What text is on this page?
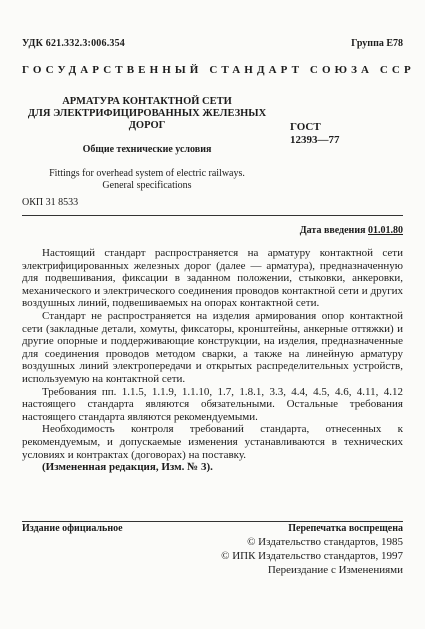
УДК 621.332.3:006.354	Группа Е78
ГОСУДАРСТВЕННЫЙ СТАНДАРТ СОЮЗА ССР
АРМАТУРА КОНТАКТНОЙ СЕТИ
ДЛЯ ЭЛЕКТРИФИЦИРОВАННЫХ ЖЕЛЕЗНЫХ
ДОРОГ
Общие технические условия
Fittings for overhead system of electric railways.
General specifications
ГОСТ
12393—77
ОКП 31 8533
Дата введения 01.01.80

Настоящий стандарт распространяется на арматуру контактной сети электрифицированных железных дорог (далее — арматура), предназначенную для подвешивания, фиксации в заданном положении, стыковки, анкеровки, механического и электрического соединения проводов контактной сети и других воздушных линий, подвешиваемых на опорах контактной сети.

Стандарт не распространяется на изделия армирования опор контактной сети (закладные детали, хомуты, фиксаторы, кронштейны, анкерные оттяжки) и другие опорные и поддерживающие конструкции, на изделия, предназначенные для соединения проводов методом сварки, а также на линейную арматуру воздушных линий электропередачи и открытых распределительных устройств, используемую на контактной сети.

Требования пп. 1.1.5, 1.1.9, 1.1.10, 1.7, 1.8.1, 3.3, 4.4, 4.5, 4.6, 4.11, 4.12 настоящего стандарта являются обязательными. Остальные требования настоящего стандарта являются рекомендуемыми.

Необходимость контроля требований стандарта, отнесенных к рекомендуемым, и допускаемые изменения устанавливаются в технических условиях и контрактах (договорах) на поставку.

(Измененная редакция, Изм. № 3).

Издание официальное	Перепечатка воспрещена
© Издательство стандартов, 1985
© ИПК Издательство стандартов, 1997
Переиздание с Изменениями
